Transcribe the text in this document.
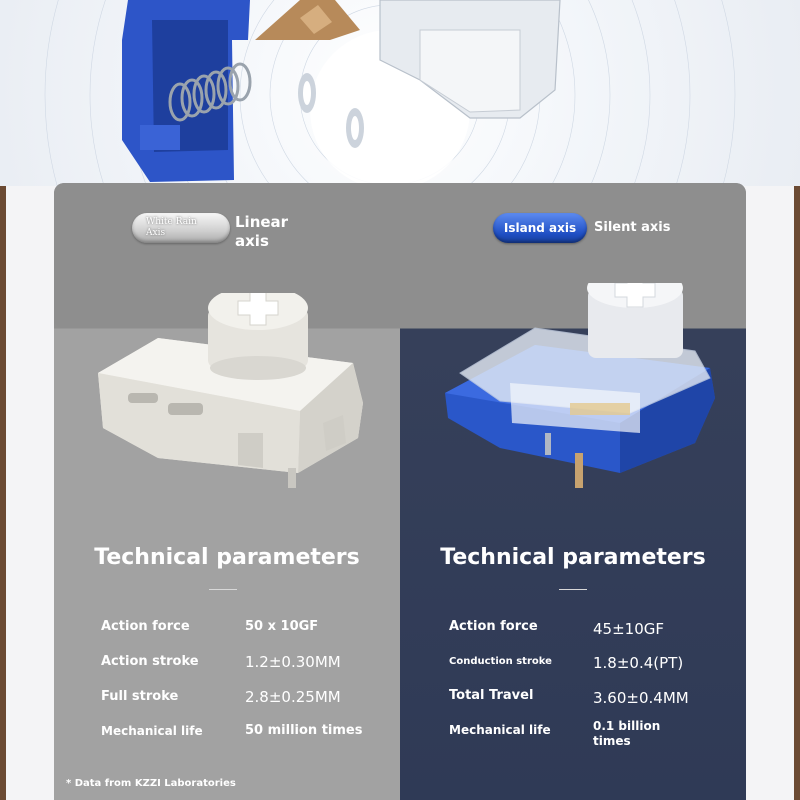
White Rain
Axis
Linear axis
Island axis Silent axis
Technical parameters
Action force	50 x 10GF
Action stroke	1.2±0.30MM
Full stroke	2.8±0.25MM
Mechanical life	50 million times
Technical parameters
Action force	45±10GF
Conduction stroke	1.8±0.4(PT)
Total Travel	3.60±0.4MM
Mechanical life	0.1 billion
times
* Data from KZZI Laboratories
